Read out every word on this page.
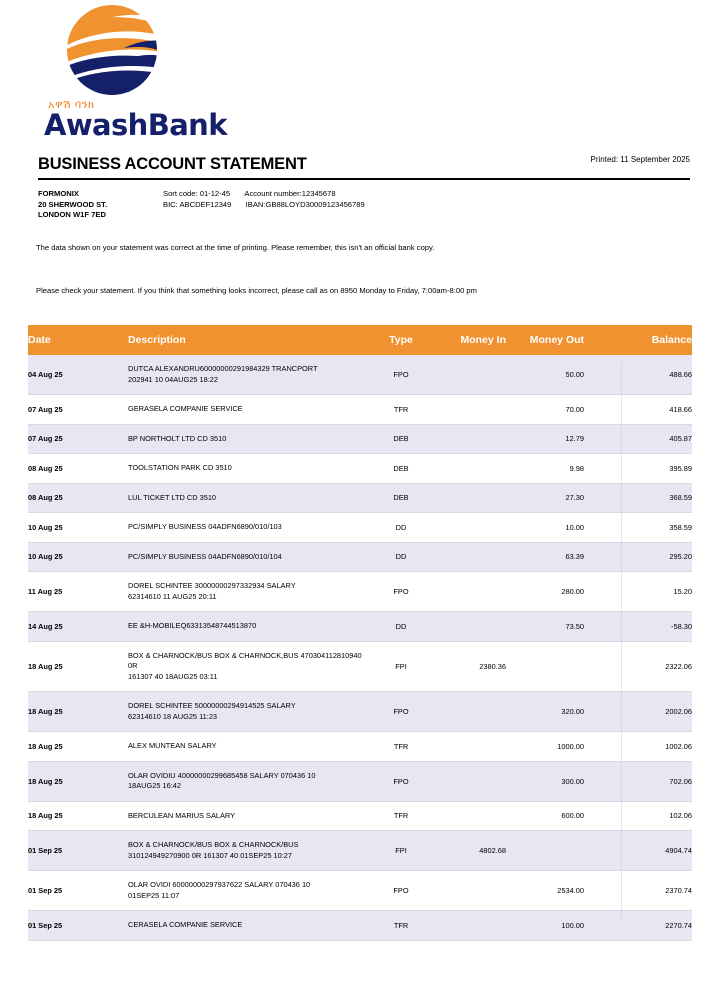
አዋሽ ባንክ
AwashBank
BUSINESS ACCOUNT STATEMENT	Printed: 11 September 2025
FORMONIX
20 SHERWOOD ST.
LONDON W1F 7ED
Sort code: 01-12-45 Account number:12345678
BIC: ABCDEF12349 IBAN:GB88LOYD30009123456789
The data shown on your statement was correct at the time of printing. Please remember, this isn't an official bank copy.
Please check your statement. If you think that something looks incorrect, please call as on 8950 Monday to Friday, 7:00am-8:00 pm
Date	Description	Type	Money In	Money Out	Balance
04 Aug 25	DUTCA ALEXANDRU60000000291984329 TRANCPORT
202941 10 04AUG25 18:22	FPO		50.00	488.66
07 Aug 25	GERASELA COMPANIE SERVICE	TFR		70.00	418.66
07 Aug 25	BP NORTHOLT LTD CD 3510	DEB		12.79	405.87
08 Aug 25	TOOLSTATION PARK CD 3510	DEB		9.98	395.89
08 Aug 25	LUL TICKET LTD CD 3510	DEB		27.30	368.59
10 Aug 25	PC/SIMPLY BUSINESS 04ADFN6890/010/103	DD		10.00	358.59
10 Aug 25	PC/SIMPLY BUSINESS 04ADFN6890/010/104	DD		63.39	295.20
11 Aug 25	DOREL SCHINTEE 30000000297332934 SALARY
62314610 11 AUG25 20:11	FPO		280.00	15.20
14 Aug 25	EE &H-MOBILEQ63313548744513870	DD		73.50	-58.30
18 Aug 25	BOX & CHARNOCK/BUS BOX & CHARNOCK,BUS 470304112810940 0R
161307 40 18AUG25 03:11	FPI	2380.36		2322.06
18 Aug 25	DOREL SCHINTEE 50000000294914525 SALARY
62314610 18 AUG25 11:23	FPO		320.00	2002.06
18 Aug 25	ALEX MUNTEAN SALARY	TFR		1000.00	1002.06
18 Aug 25	OLAR OVIDIU 40000000299685458 SALARY 070436 10
18AUG25 16:42	FPO		300.00	702.06
18 Aug 25	BERCULEAN MARIUS SALARY	TFR		600.00	102.06
01 Sep 25	BOX & CHARNOCK/BUS BOX & CHARNOCK/BUS
310124949270900 0R 161307 40 01SEP25 10:27	FPI	4802.68		4904.74
01 Sep 25	OLAR OVIDI 60000000297937622 SALARY 070436 10
01SEP25 11:07	FPO		2534.00	2370.74
01 Sep 25	CERASELA COMPANIE SERVICE	TFR		100.00	2270.74
